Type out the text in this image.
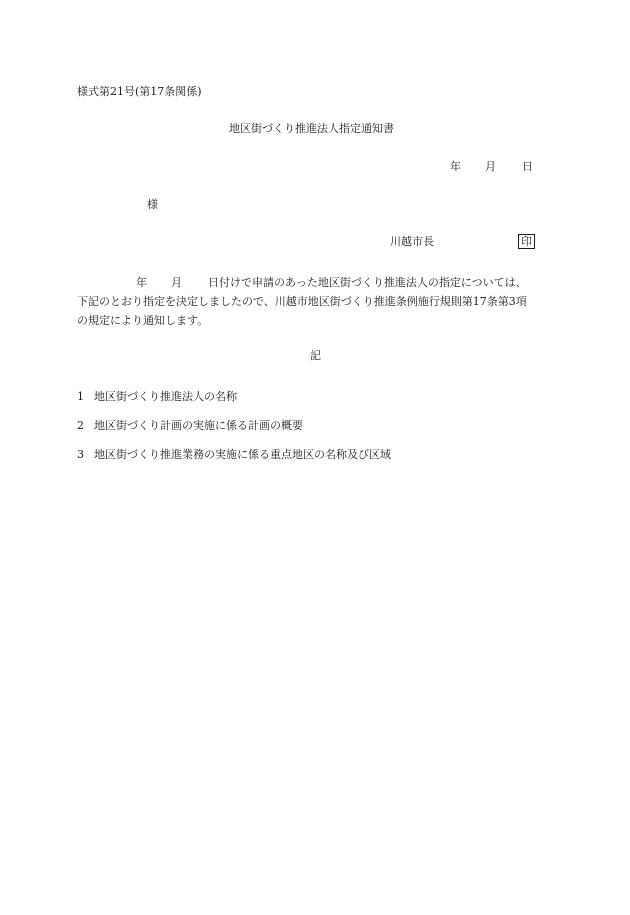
様式第21号(第17条関係)
地区街づくり推進法人指定通知書
年 月 日
様
川越市長	印
年 月 日付けで申請のあった地区街づくり推進法人の指定については、
下記のとおり指定を決定しましたので、川越市地区街づくり推進条例施行規則第17条第3項
の規定により通知します。
記
1 地区街づくり推進法人の名称
2 地区街づくり計画の実施に係る計画の概要
3 地区街づくり推進業務の実施に係る重点地区の名称及び区域
